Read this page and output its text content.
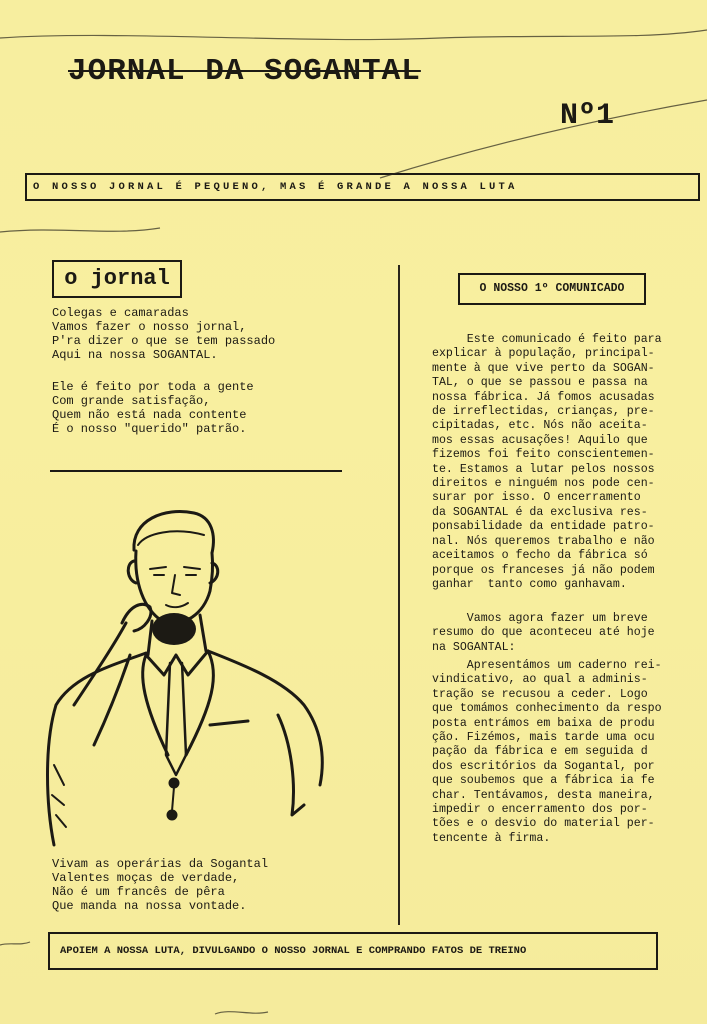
JORNAL DA SOGANTAL
Nº1
O NOSSO JORNAL É PEQUENO, MAS É GRANDE A NOSSA LUTA
o jornal
Colegas e camaradas
Vamos fazer o nosso jornal,
P'ra dizer o que se tem passado
Aqui na nossa SOGANTAL.
Ele é feito por toda a gente
Com grande satisfação,
Quem não está nada contente
É o nosso "querido" patrão.
Vivam as operárias da Sogantal
Valentes moças de verdade,
Não é um francês de pêra
Que manda na nossa vontade.
O NOSSO 1º COMUNICADO
Este comunicado é feito para
explicar à população, principal-
mente à que vive perto da SOGAN-
TAL, o que se passou e passa na
nossa fábrica. Já fomos acusadas
de irreflectidas, crianças, pre-
cipitadas, etc. Nós não aceita-
mos essas acusações! Aquilo que
fizemos foi feito conscientemen-
te. Estamos a lutar pelos nossos
direitos e ninguém nos pode cen-
surar por isso. O encerramento
da SOGANTAL é da exclusiva res-
ponsabilidade da entidade patro-
nal. Nós queremos trabalho e não
aceitamos o fecho da fábrica só
porque os franceses já não podem
ganhar  tanto como ganhavam.
Vamos agora fazer um breve
resumo do que aconteceu até hoje
na SOGANTAL:
Apresentámos um caderno rei-
vindicativo, ao qual a adminis-
tração se recusou a ceder. Logo
que tomámos conhecimento da respo
posta entrámos em baixa de produ
ção. Fizémos, mais tarde uma ocu
pação da fábrica e em seguida d
dos escritórios da Sogantal, por
que soubemos que a fábrica ia fe
char. Tentávamos, desta maneira,
impedir o encerramento dos por-
tões e o desvio do material per-
tencente à firma.
APOIEM A NOSSA LUTA, DIVULGANDO O NOSSO JORNAL E COMPRANDO FATOS DE TREINO
